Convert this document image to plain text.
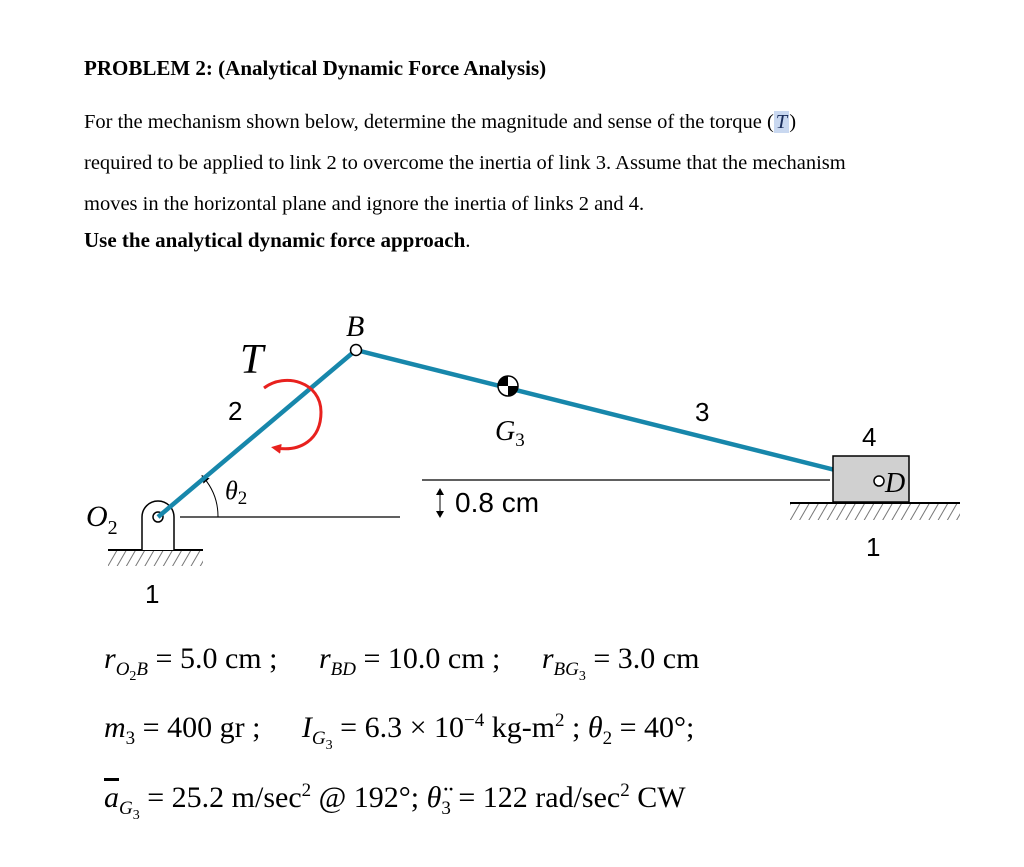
PROBLEM 2: (Analytical Dynamic Force Analysis)
For the mechanism shown below, determine the magnitude and sense of the torque (T)
required to be applied to link 2 to overcome the inertia of link 3. Assume that the mechanism
moves in the horizontal plane and ignore the inertia of links 2 and 4.

Use the analytical dynamic force approach.

T
B
2	3
4
1
1
D
$O_2$
$G_3$
θ2	0.8 cm
$r_{O_2B} = 5.0$ cm ; $r_{BD} = 10.0$ cm ; $r_{BG_3} = 3.0$ cm
$m_3 = 400$ gr ; $I_{G_3} = 6.3 \times 10^{-4}$ $kg-m^2$ ; $\theta_2 = 40^\circ$;
$\overline{a}_{G_3} = 25.2$ $m/\sec^2$ @ 192°; $\thetä_3 = 122$ rad/$\sec^2$ CW
